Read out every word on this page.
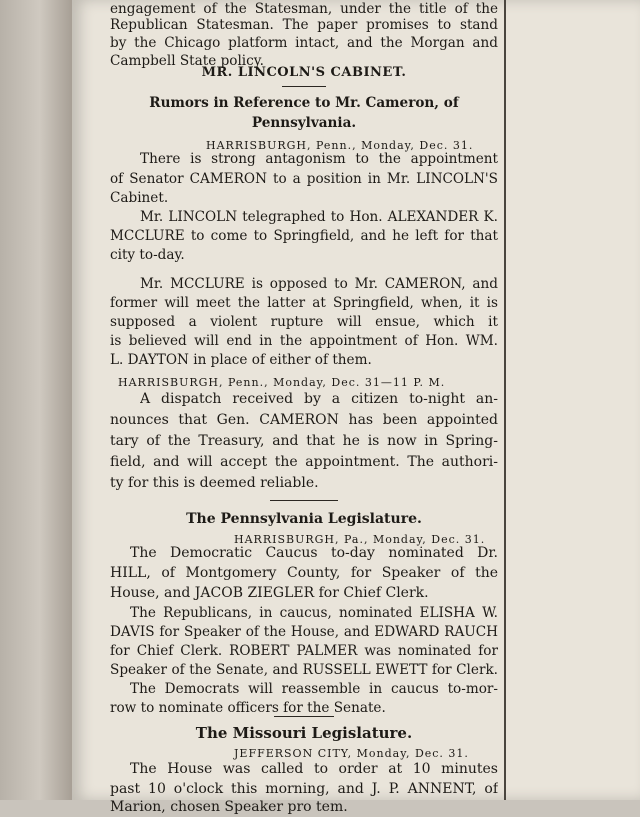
engagement of the Statesman, under the title of the
Republican Statesman. The paper promises to stand
by the Chicago platform intact, and the Morgan and
Campbell State policy.
MR. LINCOLN'S CABINET.
Rumors in Reference to Mr. Cameron, of
Pennsylvania.
HARRISBURGH, Penn., Monday, Dec. 31.
There is strong antagonism to the appointment
of Senator CAMERON to a position in Mr. LINCOLN'S
Cabinet.
Mr. LINCOLN telegraphed to Hon. ALEXANDER K.
MCCLURE to come to Springfield, and he left for that
city to-day.
Mr. MCCLURE is opposed to Mr. CAMERON, and
former will meet the latter at Springfield, when, it is
supposed a violent rupture will ensue, which it
is believed will end in the appointment of Hon. WM.
L. DAYTON in place of either of them.
HARRISBURGH, Penn., Monday, Dec. 31—11 P. M.
A dispatch received by a citizen to-night an-
nounces that Gen. CAMERON has been appointed
tary of the Treasury, and that he is now in Spring-
field, and will accept the appointment. The authori-
ty for this is deemed reliable.
The Pennsylvania Legislature.
HARRISBURGH, Pa., Monday, Dec. 31.
The Democratic Caucus to-day nominated Dr.
HILL, of Montgomery County, for Speaker of the
House, and JACOB ZIEGLER for Chief Clerk.
The Republicans, in caucus, nominated ELISHA W.
DAVIS for Speaker of the House, and EDWARD RAUCH
for Chief Clerk. ROBERT PALMER was nominated for
Speaker of the Senate, and RUSSELL EWETT for Clerk.
The Democrats will reassemble in caucus to-mor-
row to nominate officers for the Senate.
The Missouri Legislature.
JEFFERSON CITY, Monday, Dec. 31.
The House was called to order at 10 minutes
past 10 o'clock this morning, and J. P. ANNENT, of
Marion, chosen Speaker pro tem.
